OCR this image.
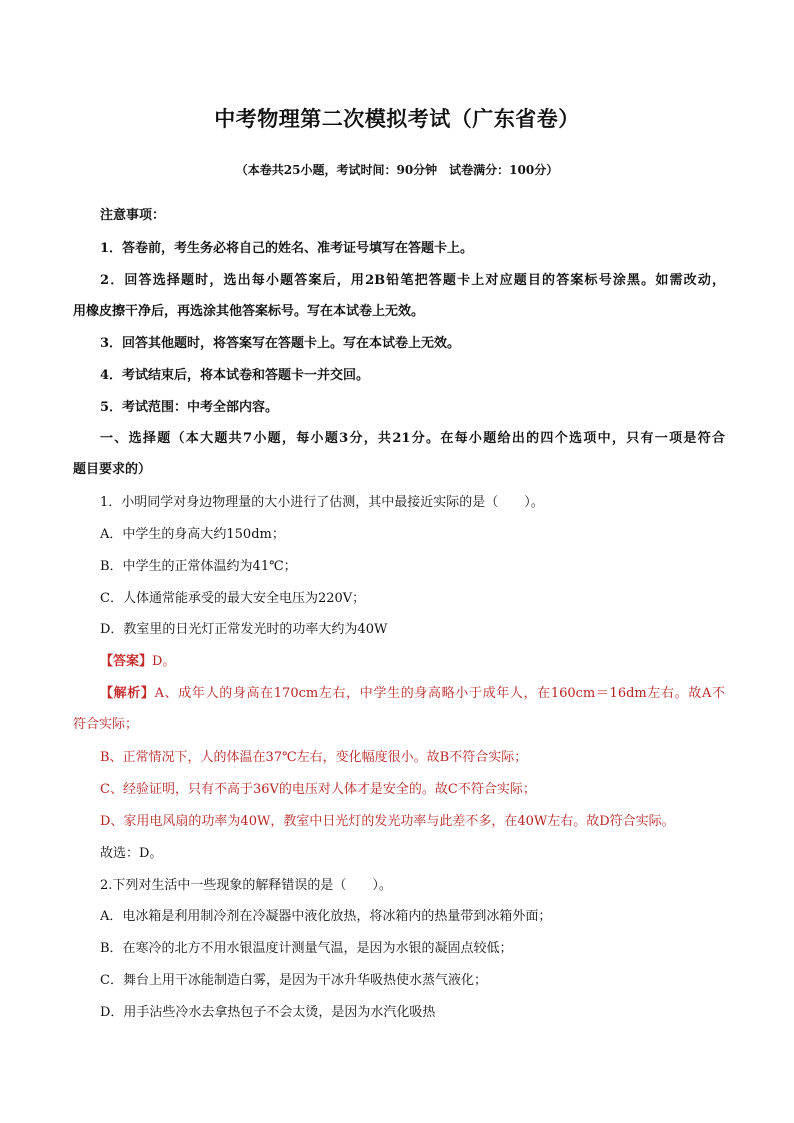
中考物理第二次模拟考试（广东省卷）
（本卷共25小题，考试时间：90分钟　试卷满分：100分）
注意事项：
1．答卷前，考生务必将自己的姓名、准考证号填写在答题卡上。
2．回答选择题时，选出每小题答案后，用2B铅笔把答题卡上对应题目的答案标号涂黑。如需改动，
用橡皮擦干净后，再选涂其他答案标号。写在本试卷上无效。
3．回答其他题时，将答案写在答题卡上。写在本试卷上无效。
4．考试结束后，将本试卷和答题卡一并交回。
5．考试范围：中考全部内容。
一、选择题（本大题共7小题，每小题3分，共21分。在每小题给出的四个选项中，只有一项是符合
题目要求的）
1．小明同学对身边物理量的大小进行了估测，其中最接近实际的是（　　）。
A．中学生的身高大约150dm；
B．中学生的正常体温约为41℃；
C．人体通常能承受的最大安全电压为220V；
D．教室里的日光灯正常发光时的功率大约为40W
【答案】D。
【解析】A、成年人的身高在170cm左右，中学生的身高略小于成年人，在160cm＝16dm左右。故A不
符合实际；
B、正常情况下，人的体温在37℃左右，变化幅度很小。故B不符合实际；
C、经验证明，只有不高于36V的电压对人体才是安全的。故C不符合实际；
D、家用电风扇的功率为40W，教室中日光灯的发光功率与此差不多，在40W左右。故D符合实际。
故选：D。
2.下列对生活中一些现象的解释错误的是（　　）。
A．电冰箱是利用制冷剂在冷凝器中液化放热，将冰箱内的热量带到冰箱外面；
B．在寒冷的北方不用水银温度计测量气温，是因为水银的凝固点较低；
C．舞台上用干冰能制造白雾，是因为干冰升华吸热使水蒸气液化；
D．用手沾些冷水去拿热包子不会太烫，是因为水汽化吸热
